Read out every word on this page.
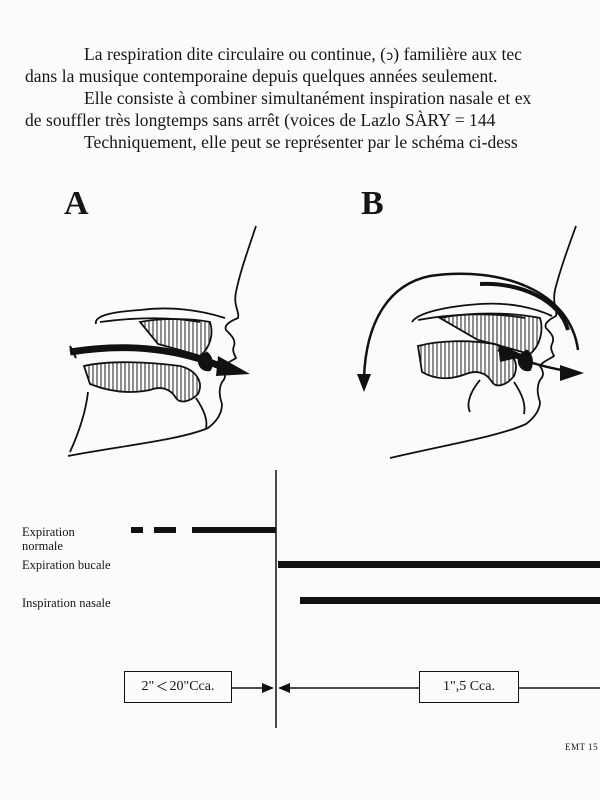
La respiration dite circulaire ou continue, (ↄ) familière aux tec

dans la musique contemporaine depuis quelques années seulement.

Elle consiste à combiner simultanément inspiration nasale et ex

de souffler très longtemps sans arrêt (voices de Lazlo SÀRY = 144

Techniquement, elle peut se représenter par le schéma ci-dess

A	B
Expiration
normale
Expiration bucale
Inspiration nasale
2" < 20"Cca.	1",5 Cca.
EMT 15
